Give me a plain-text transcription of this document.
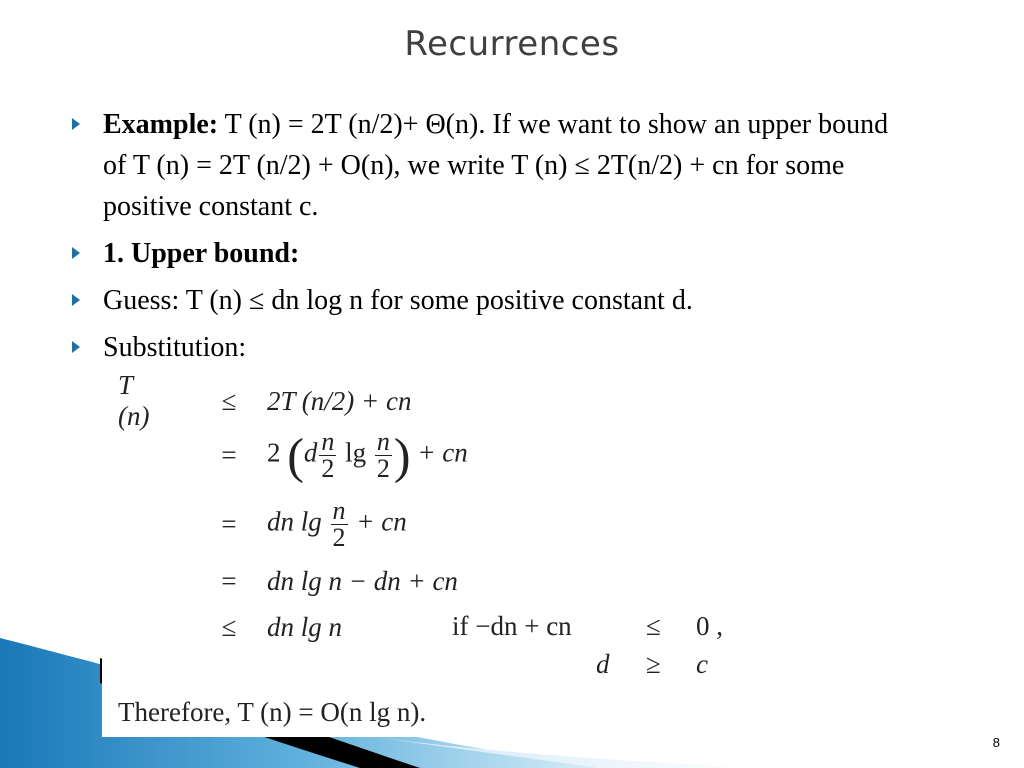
Recurrences
Example: T (n) = 2T (n/2)+ Θ(n). If we want to show an upper bound of T (n) = 2T (n/2) + O(n), we write T (n) ≤ 2T(n/2) + cn for some positive constant c.
1. Upper bound:
Guess: T (n) ≤ dn log n for some positive constant d.
Substitution:
T (n)
≤ 2T (n/2) + cn
= 2 ($d \frac{n}{2}$ $\lg \frac{n}{2}$ ) + cn
= dn $\lg \frac{n}{2}$ + cn
= dn lg n − dn + cn
≤ dn lg n	if −dn + cn	≤ 0 ,
d ≥ c
Therefore, T (n) = O(n lg n).
8
